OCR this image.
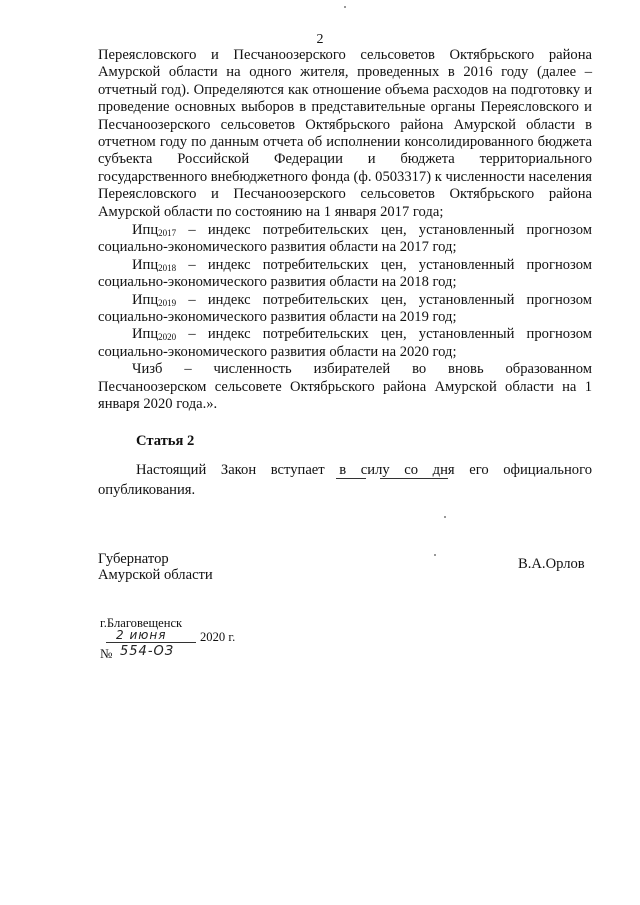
2

Переясловского и Песчаноозерского сельсоветов Октябрьского района Амурской области на одного жителя, проведенных в 2016 году (далее – отчетный год). Определяются как отношение объема расходов на подготовку и проведение основных выборов в представительные органы Переясловского и Песчаноозерского сельсоветов Октябрьского района Амурской области в отчетном году по данным отчета об исполнении консолидированного бюджета субъекта Российской Федерации и бюджета территориального государственного внебюджетного фонда (ф. 0503317) к численности населения Переясловского и Песчаноозерского сельсоветов Октябрьского района Амурской области по состоянию на 1 января 2017 года;

Ипц$_{2017}$ – индекс потребительских цен, установленный прогнозом социально-экономического развития области на 2017 год;

Ипц$_{2018}$ – индекс потребительских цен, установленный прогнозом социально-экономического развития области на 2018 год;

Ипц$_{2019}$ – индекс потребительских цен, установленный прогнозом социально-экономического развития области на 2019 год;

Ипц$_{2020}$ – индекс потребительских цен, установленный прогнозом социально-экономического развития области на 2020 год;

Чизб – численность избирателей во вновь образованном Песчаноозерском сельсовете Октябрьского района Амурской области на 1 января 2020 года.».

Статья 2
Настоящий Закон вступает в силу со дня его официального опубликования.
Губернатор
Амурской области
В.А.Орлов
г.Благовещенск
2 июня	2020 г.
№ 554-ОЗ
